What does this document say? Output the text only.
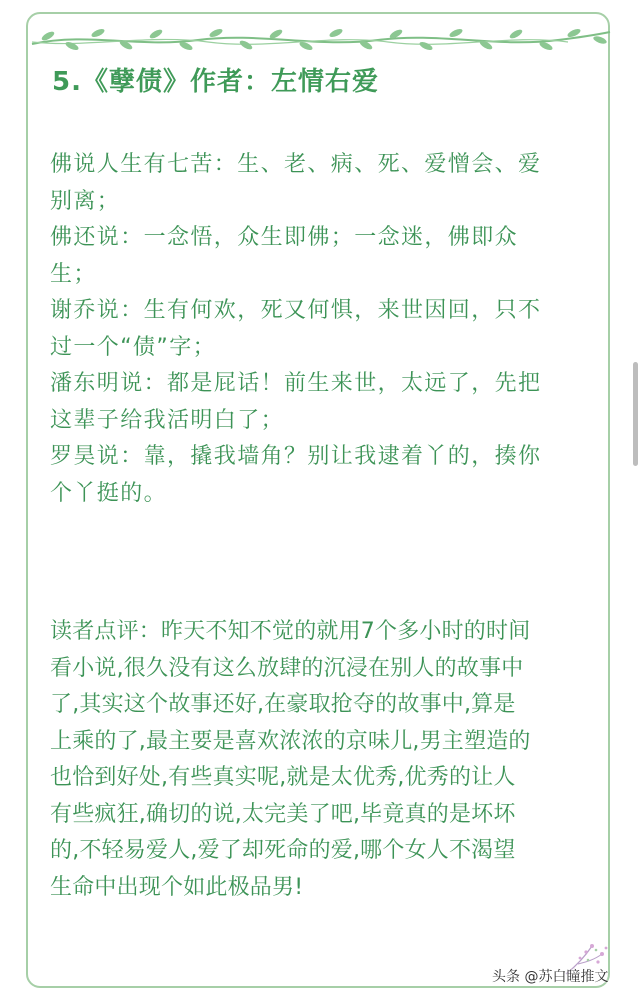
5.《孽债》作者：左情右爱
佛说人生有七苦：生、老、病、死、爱憎会、爱
别离；
佛还说：一念悟，众生即佛；一念迷，佛即众
生；
谢乔说：生有何欢，死又何惧，来世因回，只不
过一个“债”字；
潘东明说：都是屁话！前生来世，太远了，先把
这辈子给我活明白了；
罗昊说：靠，撬我墙角？别让我逮着丫的，揍你
个丫挺的。
读者点评：昨天不知不觉的就用7个多小时的时间
看小说,很久没有这么放肆的沉浸在别人的故事中
了,其实这个故事还好,在豪取抢夺的故事中,算是
上乘的了,最主要是喜欢浓浓的京味儿,男主塑造的
也恰到好处,有些真实呢,就是太优秀,优秀的让人
有些疯狂,确切的说,太完美了吧,毕竟真的是坏坏
的,不轻易爱人,爱了却死命的爱,哪个女人不渴望
生命中出现个如此极品男!
头条 @苏白瞳推文
